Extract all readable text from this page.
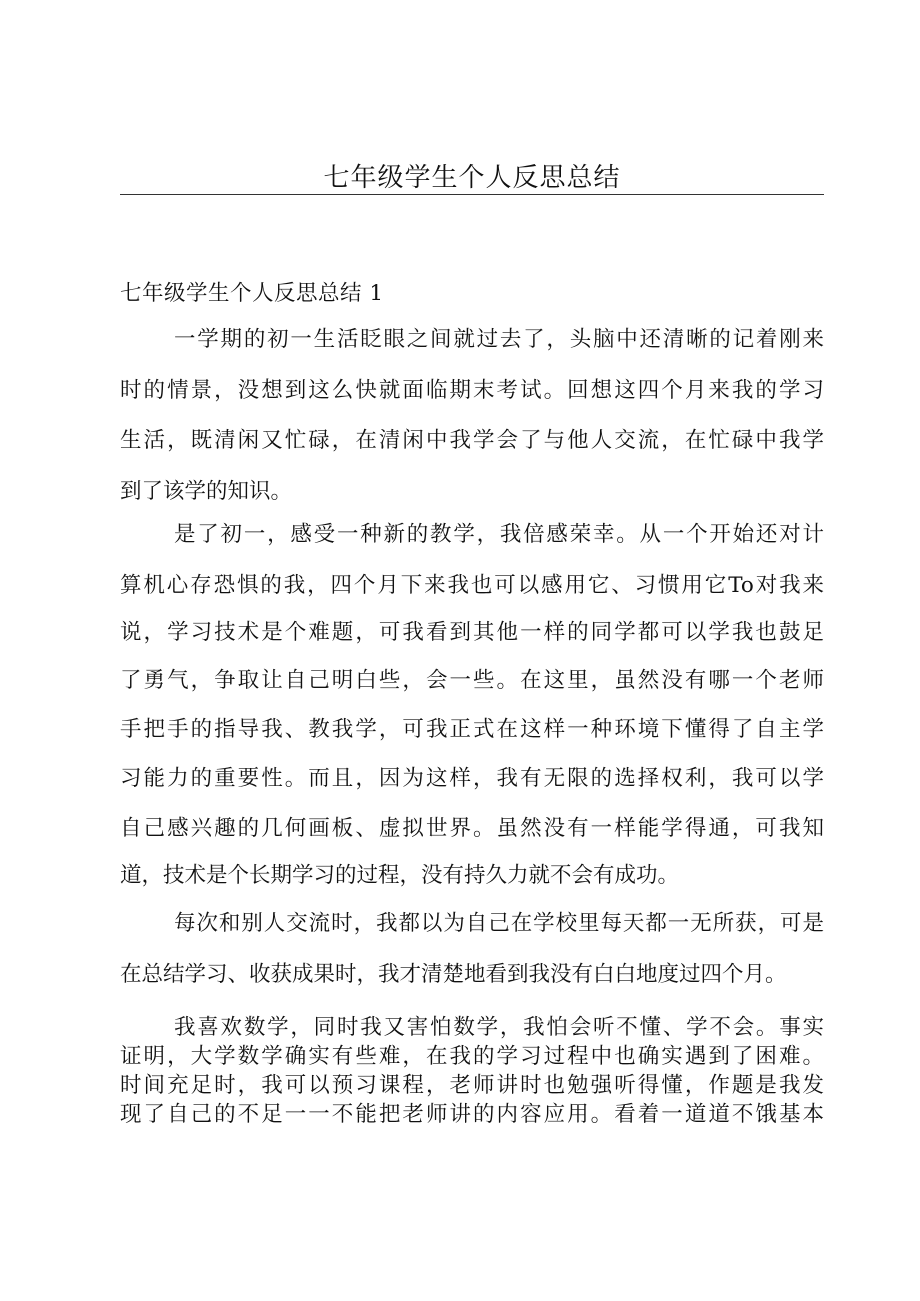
七年级学生个人反思总结
七年级学生个人反思总结 1
一学期的初一生活眨眼之间就过去了，头脑中还清晰的记着刚来
时的情景，没想到这么快就面临期末考试。回想这四个月来我的学习
生活，既清闲又忙碌，在清闲中我学会了与他人交流，在忙碌中我学
到了该学的知识。
是了初一，感受一种新的教学，我倍感荣幸。从一个开始还对计
算机心存恐惧的我，四个月下来我也可以感用它、习惯用它To对我来
说，学习技术是个难题，可我看到其他一样的同学都可以学我也鼓足
了勇气，争取让自己明白些，会一些。在这里，虽然没有哪一个老师
手把手的指导我、教我学，可我正式在这样一种环境下懂得了自主学
习能力的重要性。而且，因为这样，我有无限的选择权利，我可以学
自己感兴趣的几何画板、虚拟世界。虽然没有一样能学得通，可我知
道，技术是个长期学习的过程，没有持久力就不会有成功。
每次和别人交流时，我都以为自己在学校里每天都一无所获，可是
在总结学习、收获成果时，我才清楚地看到我没有白白地度过四个月。
我喜欢数学，同时我又害怕数学，我怕会听不懂、学不会。事实
证明，大学数学确实有些难，在我的学习过程中也确实遇到了困难。
时间充足时，我可以预习课程，老师讲时也勉强听得懂，作题是我发
现了自己的不足一一不能把老师讲的内容应用。看着一道道不饿基本
